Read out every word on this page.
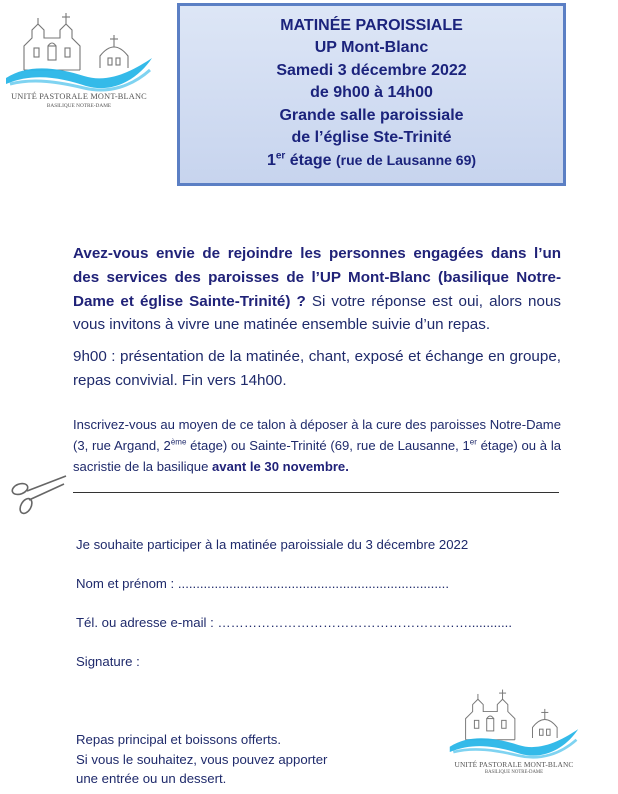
UNITÉ PASTORALE MONT-BLANC
BASILIQUE NOTRE-DAME
MATINÉE PAROISSIALE
UP Mont-Blanc
Samedi 3 décembre 2022
de 9h00 à 14h00
Grande salle paroissiale
de l’église Ste-Trinité
1er étage (rue de Lausanne 69)
Avez-vous envie de rejoindre les personnes engagées dans l’un des services des paroisses de l’UP Mont-Blanc (basilique Notre-Dame et église Sainte-Trinité) ? Si votre réponse est oui, alors nous vous invitons à vivre une matinée ensemble suivie d’un repas.
9h00 : présentation de la matinée, chant, exposé et échange en groupe, repas convivial. Fin vers 14h00.
Inscrivez-vous au moyen de ce talon à déposer à la cure des paroisses Notre-Dame (3, rue Argand, 2ème étage) ou Sainte-Trinité (69, rue de Lausanne, 1er étage) ou à la sacristie de la basilique avant le 30 novembre.
Je souhaite participer à la matinée paroissiale du 3 décembre 2022
Nom et prénom : ..........................................................................
Tél. ou adresse e-mail : …………………………………………………............
Signature :
Repas principal et boissons offerts.
Si vous le souhaitez, vous pouvez apporter
une entrée ou un dessert.
UNITÉ PASTORALE MONT-BLANC
BASILIQUE NOTRE-DAME
